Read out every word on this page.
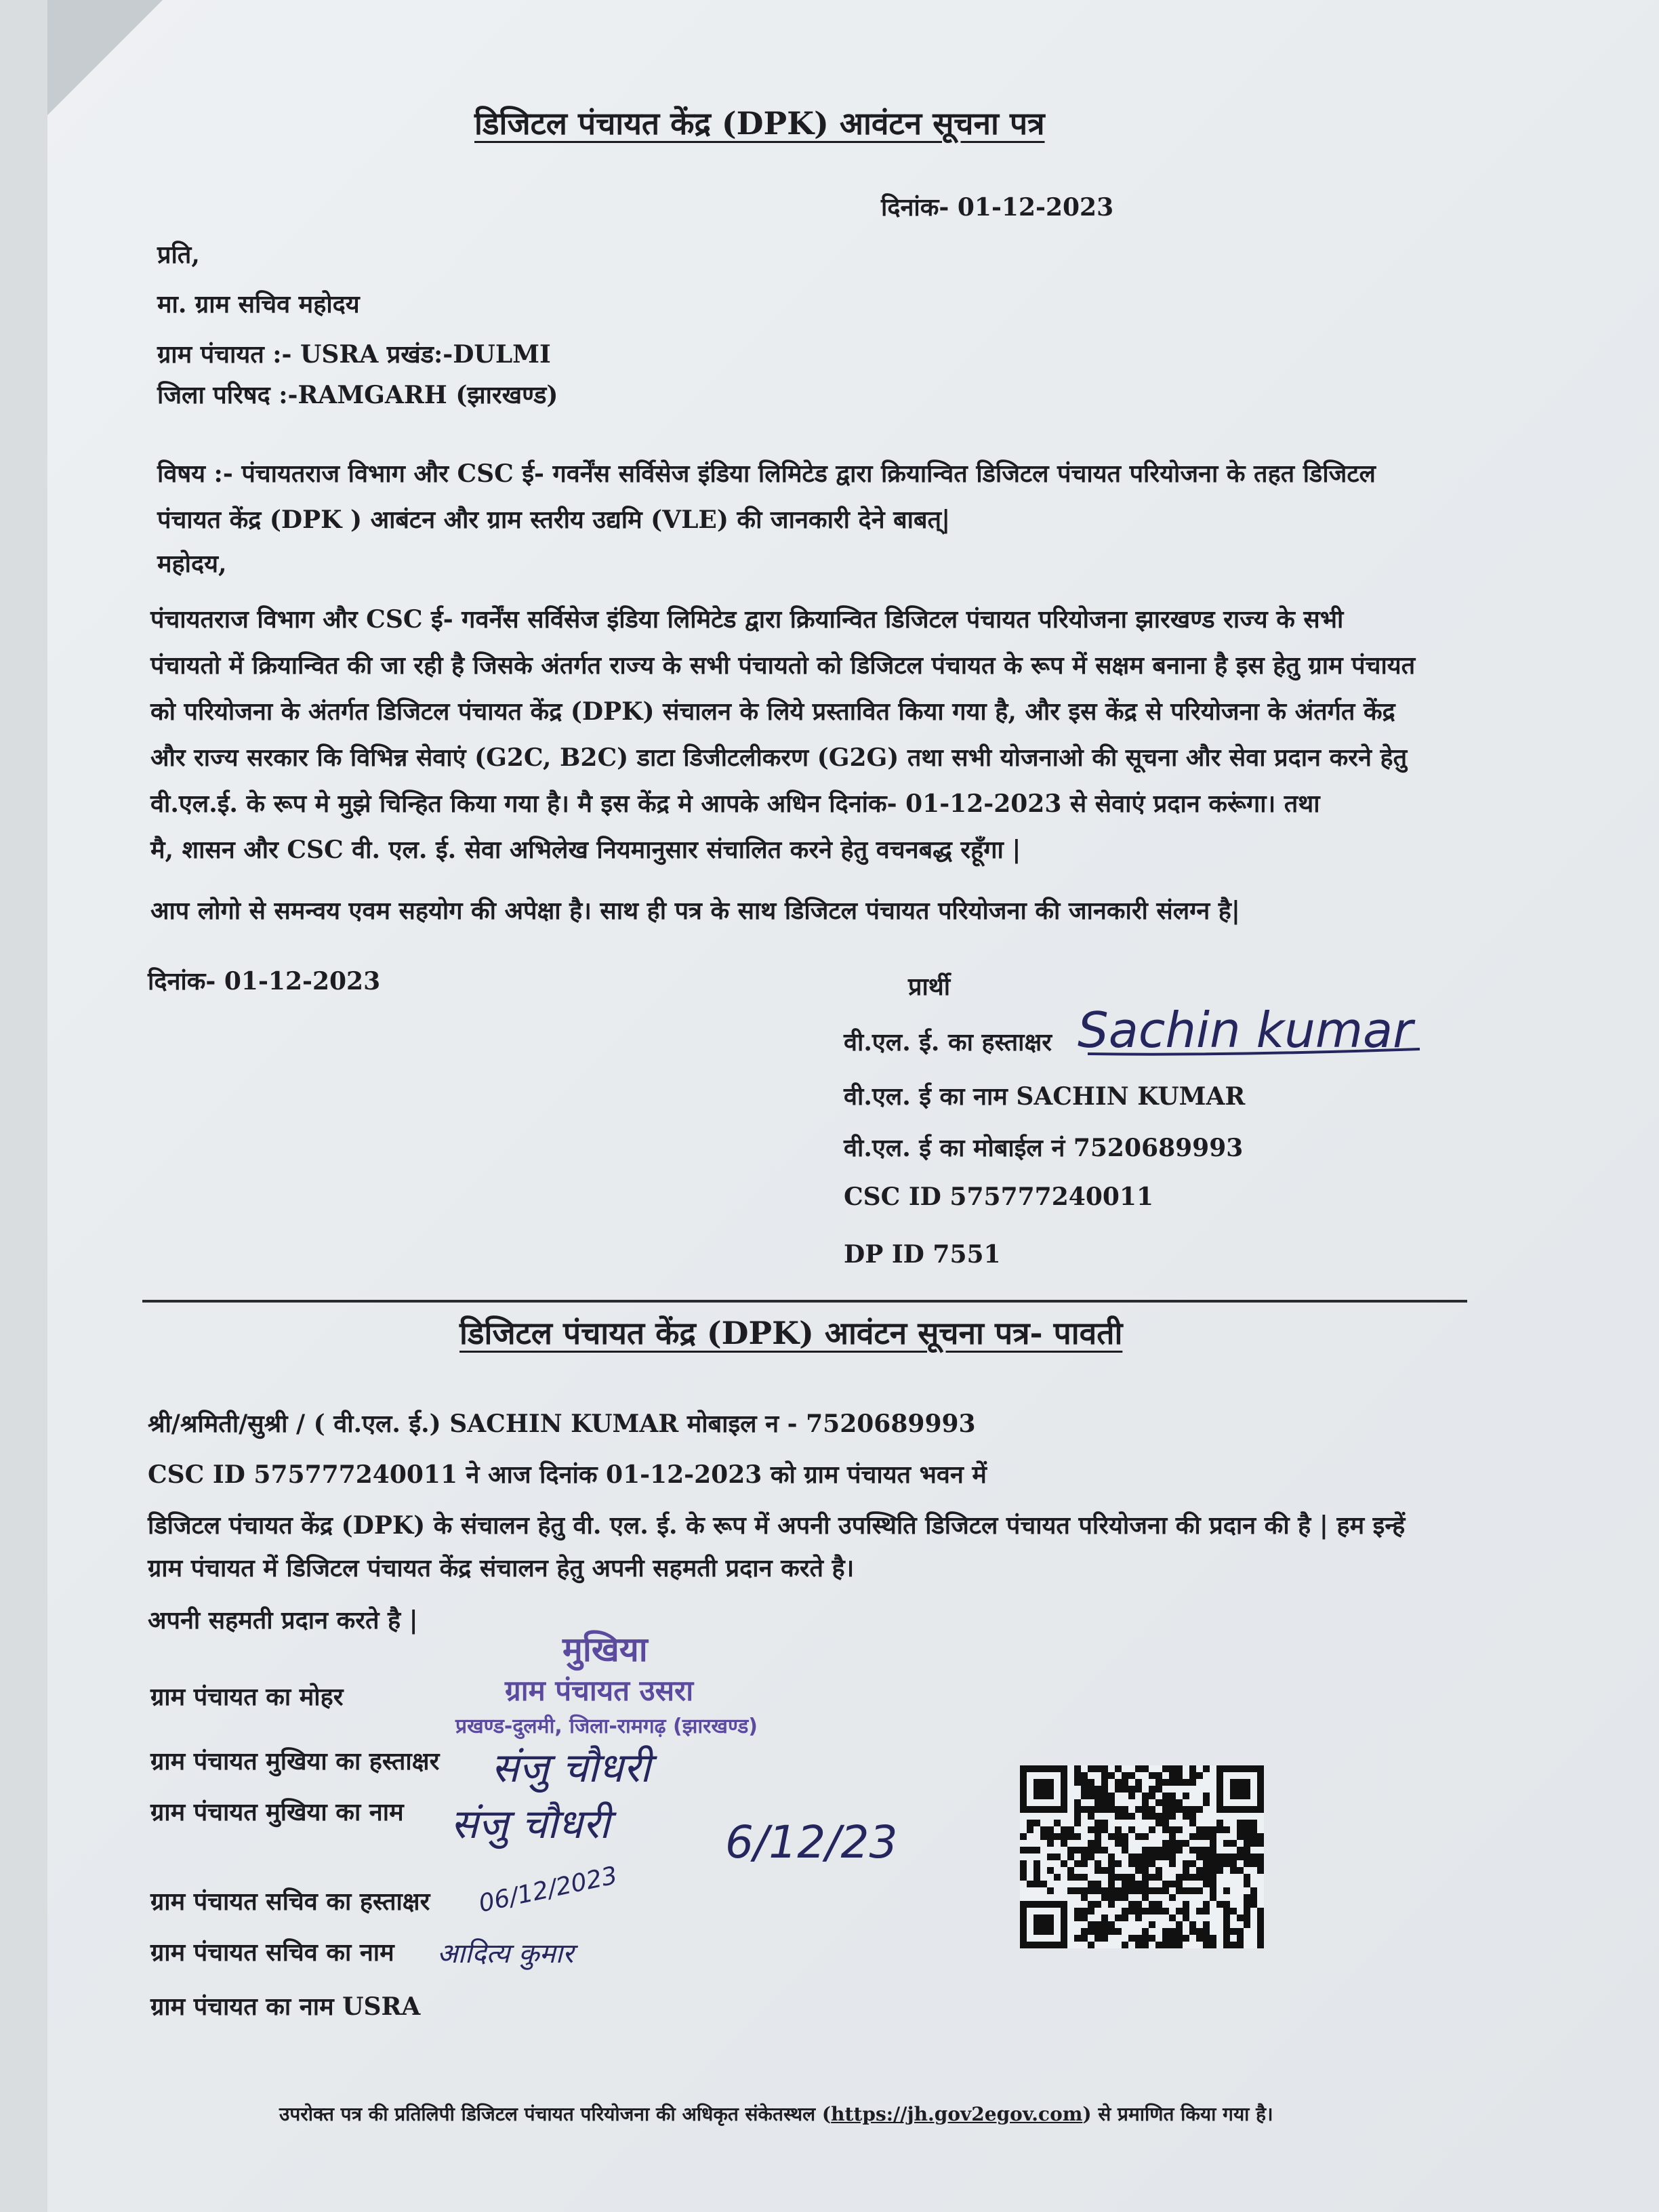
डिजिटल पंचायत केंद्र (DPK) आवंटन सूचना पत्र
दिनांक- 01-12-2023
प्रति,
मा. ग्राम सचिव महोदय
ग्राम पंचायत :- USRA प्रखंड:-DULMI
जिला परिषद :-RAMGARH (झारखण्ड)
विषय :- पंचायतराज विभाग और CSC ई- गवर्नेंस सर्विसेज इंडिया लिमिटेड द्वारा क्रियान्वित डिजिटल पंचायत परियोजना के तहत डिजिटल
पंचायत केंद्र (DPK ) आबंटन और ग्राम स्तरीय उद्यमि (VLE) की जानकारी देने बाबत्|
महोदय,
पंचायतराज विभाग और CSC ई- गवर्नेंस सर्विसेज इंडिया लिमिटेड द्वारा क्रियान्वित डिजिटल पंचायत परियोजना झारखण्ड राज्य के सभी
पंचायतो में क्रियान्वित की जा रही है जिसके अंतर्गत राज्य के सभी पंचायतो को डिजिटल पंचायत के रूप में सक्षम बनाना है इस हेतु ग्राम पंचायत
को परियोजना के अंतर्गत डिजिटल पंचायत केंद्र (DPK) संचालन के लिये प्रस्तावित किया गया है, और इस केंद्र से परियोजना के अंतर्गत केंद्र
और राज्य सरकार कि विभिन्न सेवाएं (G2C, B2C) डाटा डिजीटलीकरण (G2G) तथा सभी योजनाओ की सूचना और सेवा प्रदान करने हेतु
वी.एल.ई. के रूप मे मुझे चिन्हित किया गया है। मै इस केंद्र मे आपके अधिन दिनांक- 01-12-2023 से सेवाएं प्रदान करूंगा। तथा
मै, शासन और CSC वी. एल. ई. सेवा अभिलेख नियमानुसार संचालित करने हेतु वचनबद्ध रहूँगा |
आप लोगो से समन्वय एवम सहयोग की अपेक्षा है। साथ ही पत्र के साथ डिजिटल पंचायत परियोजना की जानकारी संलग्न है|
दिनांक- 01-12-2023	प्रार्थी
वी.एल. ई. का हस्ताक्षर Sachin kumar
वी.एल. ई का नाम SACHIN KUMAR
वी.एल. ई का मोबाईल नं 7520689993
CSC ID 575777240011
DP ID 7551
डिजिटल पंचायत केंद्र (DPK) आवंटन सूचना पत्र- पावती
श्री/श्रमिती/सुश्री / ( वी.एल. ई.) SACHIN KUMAR मोबाइल न - 7520689993
CSC ID 575777240011 ने आज दिनांक 01-12-2023 को ग्राम पंचायत भवन में
डिजिटल पंचायत केंद्र (DPK) के संचालन हेतु वी. एल. ई. के रूप में अपनी उपस्थिति डिजिटल पंचायत परियोजना की प्रदान की है | हम इन्हें
ग्राम पंचायत में डिजिटल पंचायत केंद्र संचालन हेतु अपनी सहमती प्रदान करते है।
अपनी सहमती प्रदान करते है |
ग्राम पंचायत का मोहर
ग्राम पंचायत मुखिया का हस्ताक्षर
ग्राम पंचायत मुखिया का नाम
ग्राम पंचायत सचिव का हस्ताक्षर
ग्राम पंचायत सचिव का नाम
ग्राम पंचायत का नाम USRA
मुखिया
ग्राम पंचायत उसरा
प्रखण्ड-दुलमी, जिला-रामगढ़ (झारखण्ड)
संजु चौधरी
संजु चौधरी	6/12/23
06/12/2023
आदित्य कुमार
उपरोक्त पत्र की प्रतिलिपी डिजिटल पंचायत परियोजना की अधिकृत संकेतस्थल (https://jh.gov2egov.com) से प्रमाणित किया गया है।
